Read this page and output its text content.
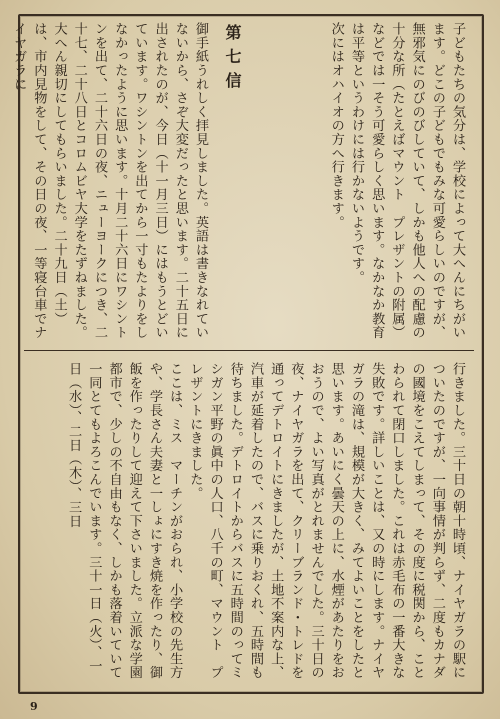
子どもたちの気分は、学校によって大へんにちがいます。どこの子どもでもみな可愛らしいのですが、無邪気にのびのびしていて、しかも他人への配慮の十分な所（たとえばマウント　プレザントの附属）などでは一そう可愛らしく思います。なかなか教育は平等というわけには行かないようです。

次にはオハイオの方へ行きます。

第七信

御手紙うれしく拝見しました。英語は書きなれていないから、さぞ大変だったと思います。二十五日に出されたのが、今日（十一月三日）にはもうとどいています。ワシントンを出てから一寸もたよりをしなかったように思います。十月二十六日にワシントンを出て、二十六日の夜、ニューヨークにつき、二十七、二十八日とコロムビヤ大学をたずねました。

大へん親切にしてもらいました。二十九日（土）は、市内見物をして、その日の夜、一等寝台車でナイヤガラに

行きました。三十日の朝十時頃、ナイヤガラの駅についたのですが、一向事情が判らず、二度もカナダの國境をこえてしまって、その度に税関から、ことわられて閉口しました。これは赤毛布の一番大きな失敗です。詳しいことは、又の時にします。ナイヤガラの滝は、規模が大きく、みてよいことをしたと思います。あいにく曇天の上に、水煙があたりをおおうので、よい写真がとれませんでした。三十日の夜、ナイヤガラを出て、クリーブランド・トレドを通ってデトロイトにきましたが、土地不案内な上、汽車が延着したので、バスに乗りおくれ、五時間も待ちました。デトロイトからバスに五時間のってミシガン平野の眞中の人口、八千の町、マウント　プレザントにきました。

ここは、ミス　マーチンがおられ、小学校の先生方や、学長さん夫妻と一しょにすき焼を作ったり、御飯を作ったりして迎えて下さいました。立派な学園都市で、少しの不自由もなく、しかも落着いていて一同とてもよろこんでいます。三十一日（火）、一日（水）、二日（木）、三日

9
